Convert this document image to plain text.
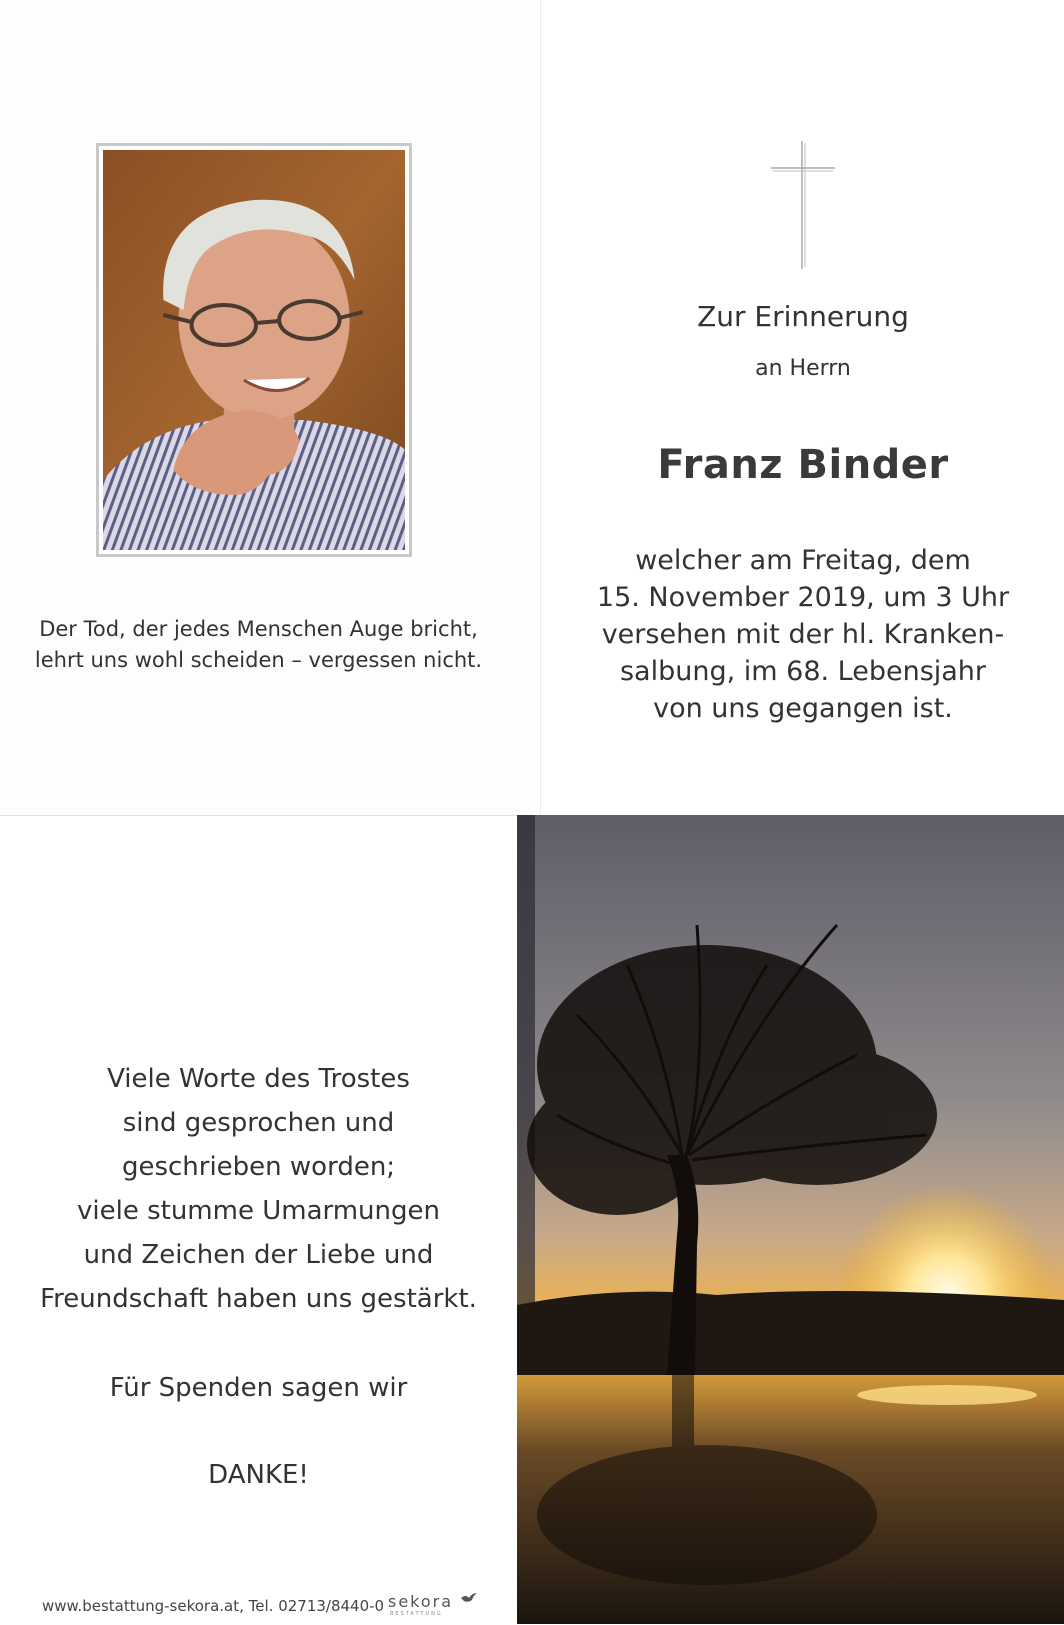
Der Tod, der jedes Menschen Auge bricht,
lehrt uns wohl scheiden – vergessen nicht.
Zur Erinnerung
an Herrn
Franz Binder
welcher am Freitag, dem
15. November 2019, um 3 Uhr
versehen mit der hl. Kranken-
salbung, im 68. Lebensjahr
von uns gegangen ist.
Viele Worte des Trostes
sind gesprochen und
geschrieben worden;
viele stumme Umarmungen
und Zeichen der Liebe und
Freundschaft haben uns gestärkt.
Für Spenden sagen wir
DANKE!
www.bestattung-sekora.at, Tel. 02713/8440-0 sekora
BESTATTUNG
